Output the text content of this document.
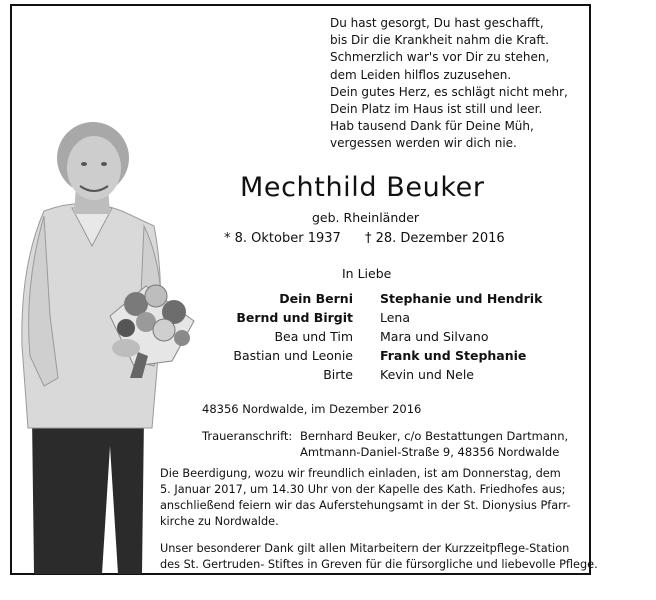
Du hast gesorgt, Du hast geschafft,
bis Dir die Krankheit nahm die Kraft.
Schmerzlich war's vor Dir zu stehen,
dem Leiden hilflos zuzusehen.
Dein gutes Herz, es schlägt nicht mehr,
Dein Platz im Haus ist still und leer.
Hab tausend Dank für Deine Müh,
vergessen werden wir dich nie.
Mechthild Beuker
geb. Rheinländer
* 8. Oktober 1937 † 28. Dezember 2016
In Liebe
Dein Berni
Bernd und Birgit
Bea und Tim
Bastian und Leonie
Birte
Stephanie und Hendrik
Lena
Mara und Silvano
Frank und Stephanie
Kevin und Nele
48356 Nordwalde, im Dezember 2016
Traueranschrift: Bernhard Beuker, c/o Bestattungen Dartmann,
Amtmann-Daniel-Straße 9, 48356 Nordwalde
Die Beerdigung, wozu wir freundlich einladen, ist am Donnerstag, dem
5. Januar 2017, um 14.30 Uhr von der Kapelle des Kath. Friedhofes aus;
anschließend feiern wir das Auferstehungsamt in der St. Dionysius Pfarr-
kirche zu Nordwalde.
Unser besonderer Dank gilt allen Mitarbeitern der Kurzzeitpflege-Station
des St. Gertruden- Stiftes in Greven für die fürsorgliche und liebevolle Pflege.
